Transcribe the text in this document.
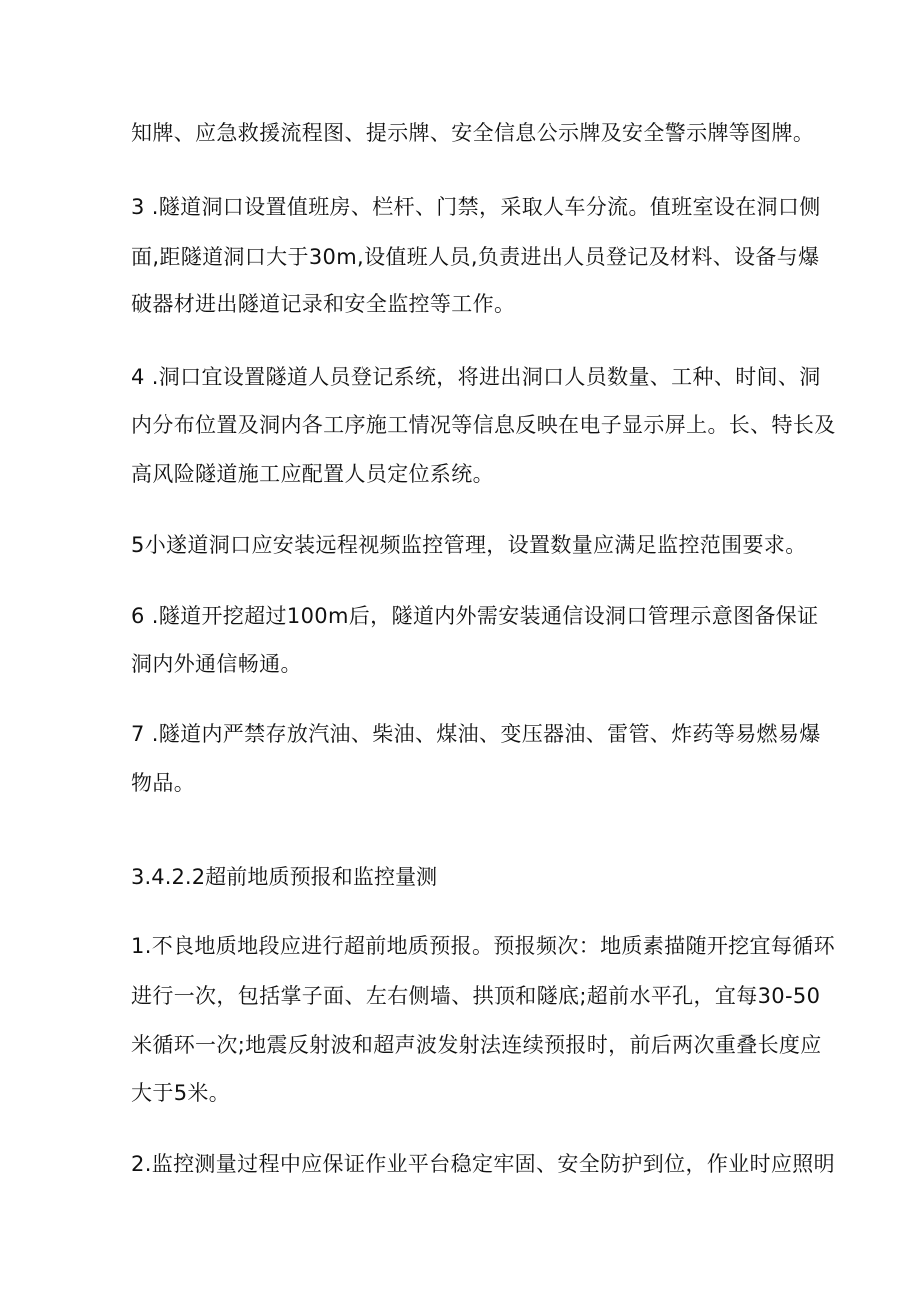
知牌、应急救援流程图、提示牌、安全信息公示牌及安全警示牌等图牌。
3 .隧道洞口设置值班房、栏杆、门禁，采取人车分流。值班室设在洞口侧
面,距隧道洞口大于30m,设值班人员,负责进出人员登记及材料、设备与爆
破器材进出隧道记录和安全监控等工作。
4 .洞口宜设置隧道人员登记系统，将进出洞口人员数量、工种、时间、洞
内分布位置及洞内各工序施工情况等信息反映在电子显示屏上。长、特长及
高风险隧道施工应配置人员定位系统。
5小遂道洞口应安装远程视频监控管理，设置数量应满足监控范围要求。
6 .隧道开挖超过100m后，隧道内外需安装通信设洞口管理示意图备保证
洞内外通信畅通。
7 .隧道内严禁存放汽油、柴油、煤油、变压器油、雷管、炸药等易燃易爆
物品。
3.4.2.2超前地质预报和监控量测
1.不良地质地段应进行超前地质预报。预报频次：地质素描随开挖宜每循环
进行一次，包括掌子面、左右侧墙、拱顶和隧底;超前水平孔，宜每30-50
米循环一次;地震反射波和超声波发射法连续预报时，前后两次重叠长度应
大于5米。
2.监控测量过程中应保证作业平台稳定牢固、安全防护到位，作业时应照明
